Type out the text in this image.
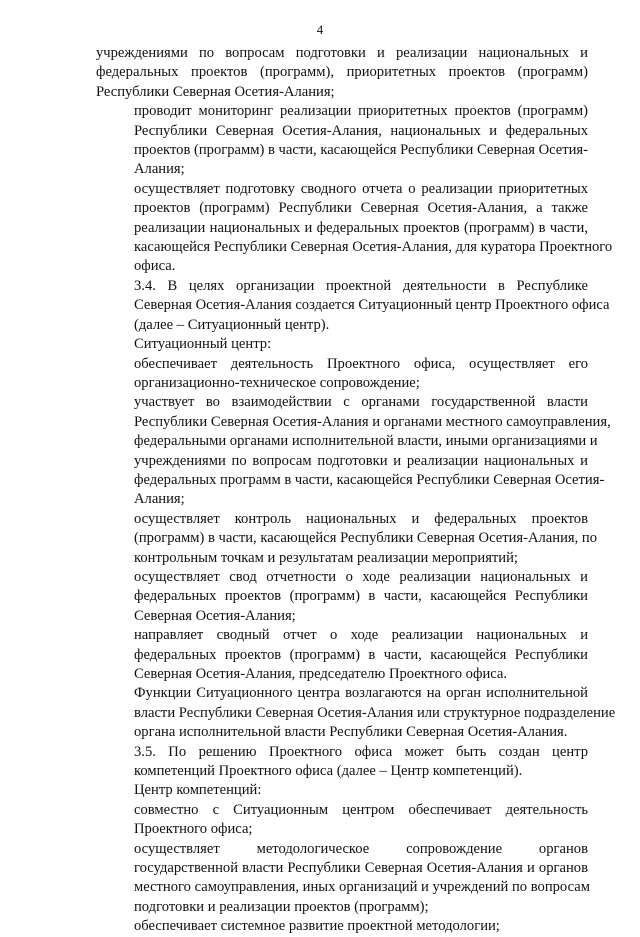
4

учреждениями по вопросам подготовки и реализации национальных и
федеральных проектов (программ), приоритетных проектов (программ)
Республики Северная Осетия-Алания;

проводит мониторинг реализации приоритетных проектов (программ)
Республики Северная Осетия-Алания, национальных и федеральных
проектов (программ) в части, касающейся Республики Северная Осетия-
Алания;

осуществляет подготовку сводного отчета о реализации приоритетных
проектов (программ) Республики Северная Осетия-Алания, а также
реализации национальных и федеральных проектов (программ) в части,
касающейся Республики Северная Осетия-Алания, для куратора Проектного
офиса.

3.4. В целях организации проектной деятельности в Республике
Северная Осетия-Алания создается Ситуационный центр Проектного офиса
(далее – Ситуационный центр).

Ситуационный центр:

обеспечивает деятельность Проектного офиса, осуществляет его
организационно-техническое сопровождение;

участвует во взаимодействии с органами государственной власти
Республики Северная Осетия-Алания и органами местного самоуправления,
федеральными органами исполнительной власти, иными организациями и
учреждениями по вопросам подготовки и реализации национальных и
федеральных программ в части, касающейся Республики Северная Осетия-
Алания;

осуществляет контроль национальных и федеральных проектов
(программ) в части, касающейся Республики Северная Осетия-Алания, по
контрольным точкам и результатам реализации мероприятий;

осуществляет свод отчетности о ходе реализации национальных и
федеральных проектов (программ) в части, касающейся Республики
Северная Осетия-Алания;

направляет сводный отчет о ходе реализации национальных и
федеральных проектов (программ) в части, касающейся Республики
Северная Осетия-Алания, председателю Проектного офиса.

Функции Ситуационного центра возлагаются на орган исполнительной
власти Республики Северная Осетия-Алания или структурное подразделение
органа исполнительной власти Республики Северная Осетия-Алания.

3.5. По решению Проектного офиса может быть создан центр
компетенций Проектного офиса (далее – Центр компетенций).

Центр компетенций:

совместно с Ситуационным центром обеспечивает деятельность
Проектного офиса;

осуществляет методологическое сопровождение органов
государственной власти Республики Северная Осетия-Алания и органов
местного самоуправления, иных организаций и учреждений по вопросам
подготовки и реализации проектов (программ);

обеспечивает системное развитие проектной методологии;
